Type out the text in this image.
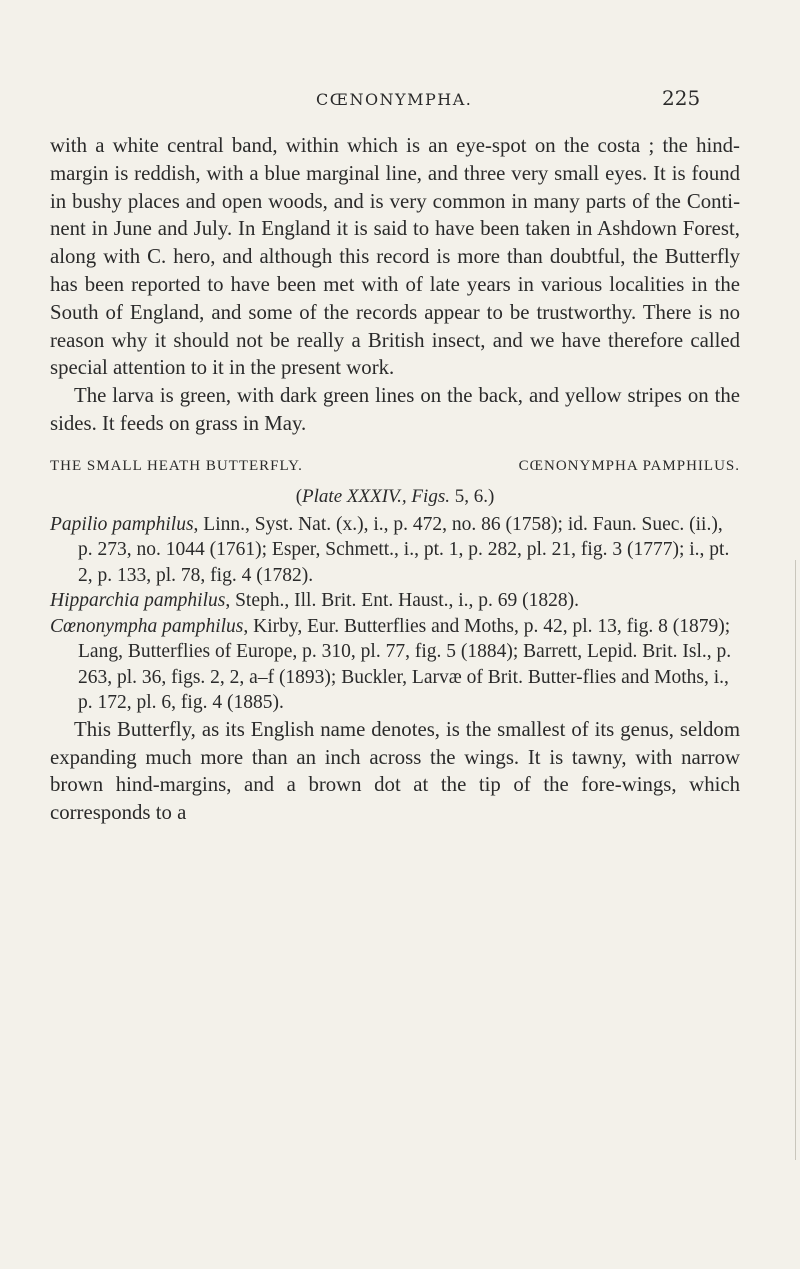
CŒNONYMPHA.	225

with a white central band, within which is an eye-spot on the costa ; the hind-margin is reddish, with a blue marginal line, and three very small eyes. It is found in bushy places and open woods, and is very common in many parts of the Conti- nent in June and July. In England it is said to have been taken in Ashdown Forest, along with C. hero, and although this record is more than doubtful, the Butterfly has been reported to have been met with of late years in various localities in the South of England, and some of the records appear to be trustworthy. There is no reason why it should not be really a British insect, and we have therefore called special attention to it in the present work.

The larva is green, with dark green lines on the back, and yellow stripes on the sides. It feeds on grass in May.

THE SMALL HEATH BUTTERFLY.	CŒNONYMPHA PAMPHILUS.
(Plate XXXIV., Figs. 5, 6.)

Papilio pamphilus, Linn., Syst. Nat. (x.), i., p. 472, no. 86 (1758); id. Faun. Suec. (ii.), p. 273, no. 1044 (1761); Esper, Schmett., i., pt. 1, p. 282, pl. 21, fig. 3 (1777); i., pt. 2, p. 133, pl. 78, fig. 4 (1782).

Hipparchia pamphilus, Steph., Ill. Brit. Ent. Haust., i., p. 69 (1828).

Cœnonympha pamphilus, Kirby, Eur. Butterflies and Moths, p. 42, pl. 13, fig. 8 (1879); Lang, Butterflies of Europe, p. 310, pl. 77, fig. 5 (1884); Barrett, Lepid. Brit. Isl., p. 263, pl. 36, figs. 2, 2, a–f (1893); Buckler, Larvæ of Brit. Butter-flies and Moths, i., p. 172, pl. 6, fig. 4 (1885).

This Butterfly, as its English name denotes, is the smallest of its genus, seldom expanding much more than an inch across the wings. It is tawny, with narrow brown hind-margins, and a brown dot at the tip of the fore-wings, which corresponds to a
